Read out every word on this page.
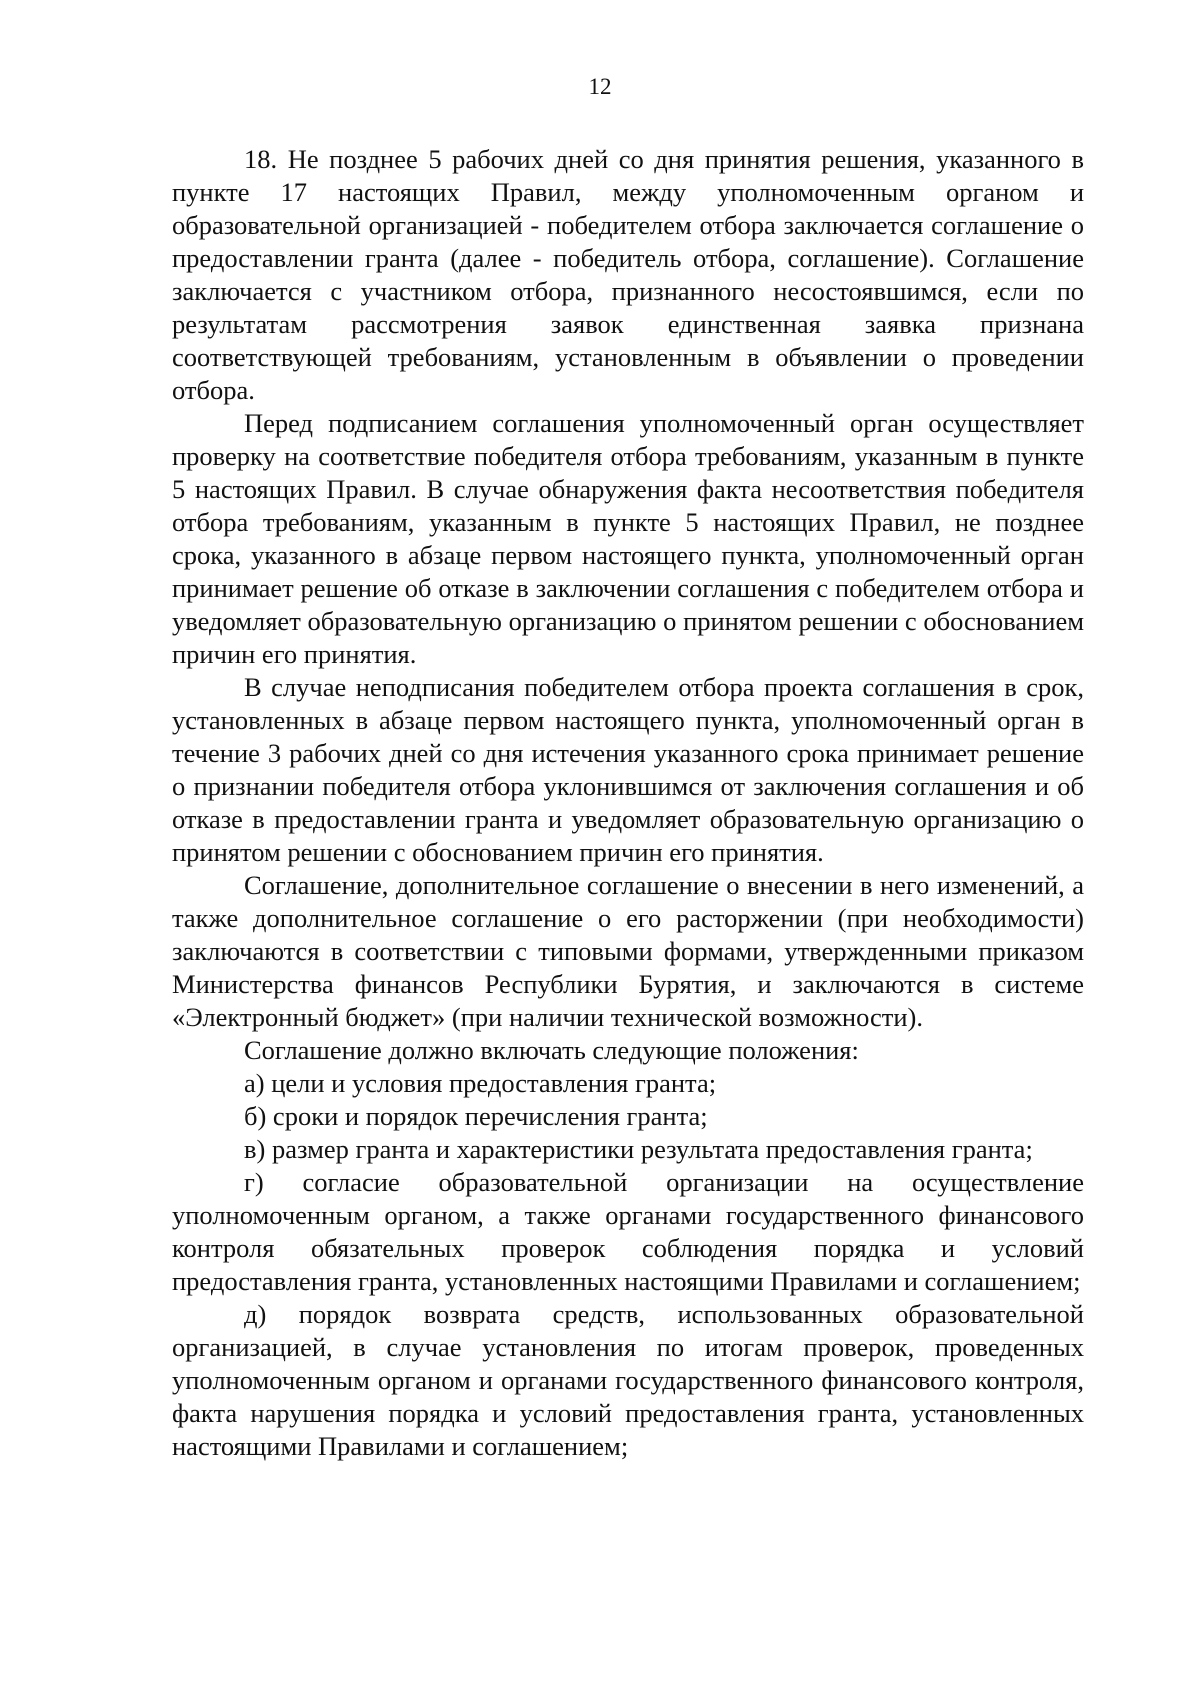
12

18. Не позднее 5 рабочих дней со дня принятия решения, указанного в пункте 17 настоящих Правил, между уполномоченным органом и образовательной организацией - победителем отбора заключается соглашение о предоставлении гранта (далее - победитель отбора, соглашение). Соглашение заключается с участником отбора, признанного несостоявшимся, если по результатам рассмотрения заявок единственная заявка признана соответствующей требованиям, установленным в объявлении о проведении отбора.

Перед подписанием соглашения уполномоченный орган осуществляет проверку на соответствие победителя отбора требованиям, указанным в пункте 5 настоящих Правил. В случае обнаружения факта несоответствия победителя отбора требованиям, указанным в пункте 5 настоящих Правил, не позднее срока, указанного в абзаце первом настоящего пункта, уполномоченный орган принимает решение об отказе в заключении соглашения с победителем отбора и уведомляет образовательную организацию о принятом решении с обоснованием причин его принятия.

В случае неподписания победителем отбора проекта соглашения в срок, установленных в абзаце первом настоящего пункта, уполномоченный орган в течение 3 рабочих дней со дня истечения указанного срока принимает решение о признании победителя отбора уклонившимся от заключения соглашения и об отказе в предоставлении гранта и уведомляет образовательную организацию о принятом решении с обоснованием причин его принятия.

Соглашение, дополнительное соглашение о внесении в него изменений, а также дополнительное соглашение о его расторжении (при необходимости) заключаются в соответствии с типовыми формами, утвержденными приказом Министерства финансов Республики Бурятия, и заключаются в системе «Электронный бюджет» (при наличии технической возможности).

Соглашение должно включать следующие положения:

а) цели и условия предоставления гранта;

б) сроки и порядок перечисления гранта;

в) размер гранта и характеристики результата предоставления гранта;

г) согласие образовательной организации на осуществление уполномоченным органом, а также органами государственного финансового контроля обязательных проверок соблюдения порядка и условий предоставления гранта, установленных настоящими Правилами и соглашением;

д) порядок возврата средств, использованных образовательной организацией, в случае установления по итогам проверок, проведенных уполномоченным органом и органами государственного финансового контроля, факта нарушения порядка и условий предоставления гранта, установленных настоящими Правилами и соглашением;
